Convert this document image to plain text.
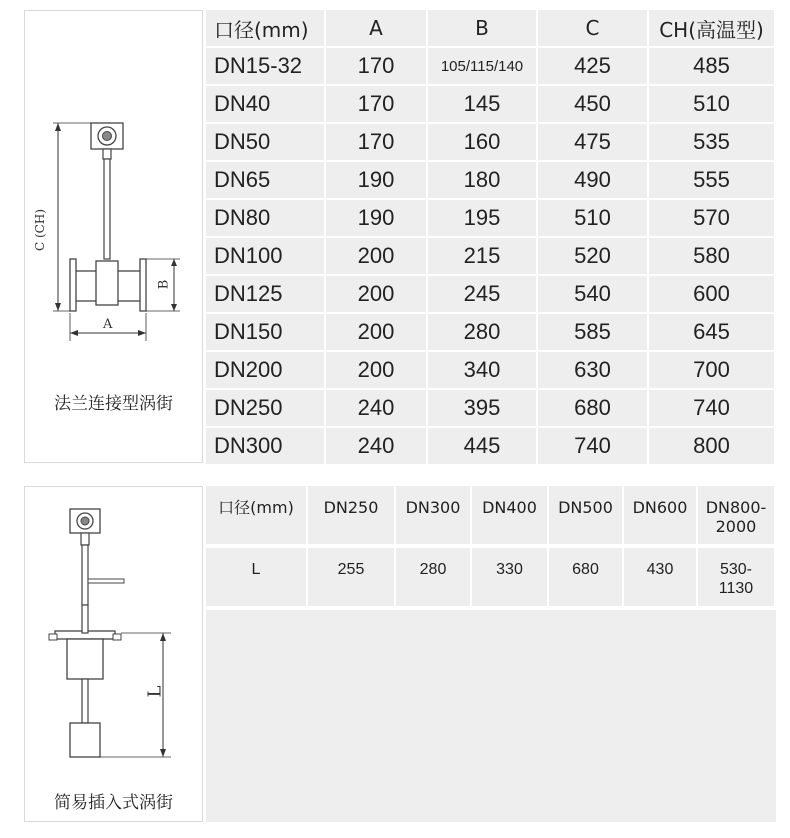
C (CH)
B
A
法兰连接型涡街
口径(mm)	A	B	C	CH(高温型)
DN15-32	170	105/115/140	425	485
DN40	170	145	450	510
DN50	170	160	475	535
DN65	190	180	490	555
DN80	190	195	510	570
DN100	200	215	520	580
DN125	200	245	540	600
DN150	200	280	585	645
DN200	200	340	630	700
DN250	240	395	680	740
DN300	240	445	740	800
L
简易插入式涡街
口径(mm)	DN250	DN300	DN400	DN500	DN600	DN800-
2000
L	255	280	330	680	430	530-
1130
